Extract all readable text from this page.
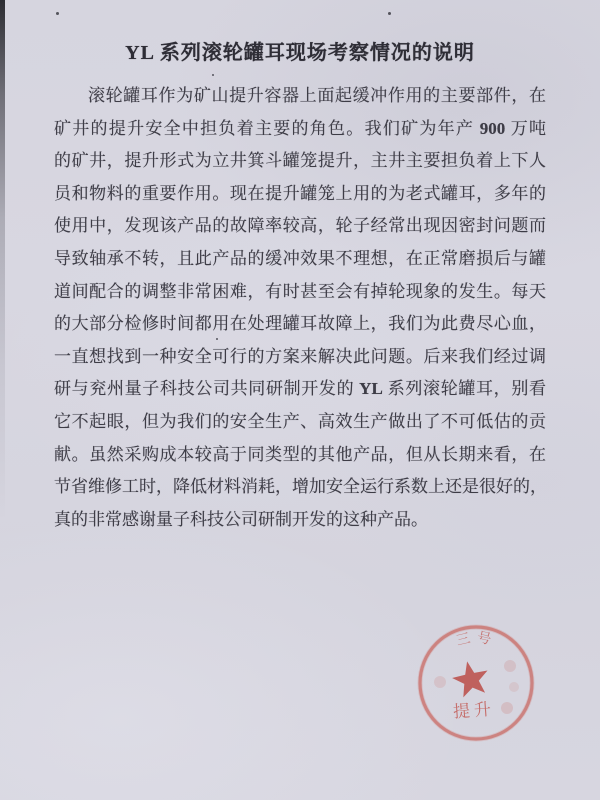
YL 系列滚轮罐耳现场考察情况的说明
滚轮罐耳作为矿山提升容器上面起缓冲作用的主要部件，在
矿井的提升安全中担负着主要的角色。我们矿为年产 900 万吨
的矿井，提升形式为立井箕斗罐笼提升，主井主要担负着上下人
员和物料的重要作用。现在提升罐笼上用的为老式罐耳，多年的
使用中，发现该产品的故障率较高，轮子经常出现因密封问题而
导致轴承不转，且此产品的缓冲效果不理想，在正常磨损后与罐
道间配合的调整非常困难，有时甚至会有掉轮现象的发生。每天
的大部分检修时间都用在处理罐耳故障上，我们为此费尽心血，
一直想找到一种安全可行的方案来解决此问题。后来我们经过调
研与兖州量子科技公司共同研制开发的 YL 系列滚轮罐耳，别看
它不起眼，但为我们的安全生产、高效生产做出了不可低估的贡
献。虽然采购成本较高于同类型的其他产品，但从长期来看，在
节省维修工时，降低材料消耗，增加安全运行系数上还是很好的，
真的非常感谢量子科技公司研制开发的这种产品。
三号
提升
